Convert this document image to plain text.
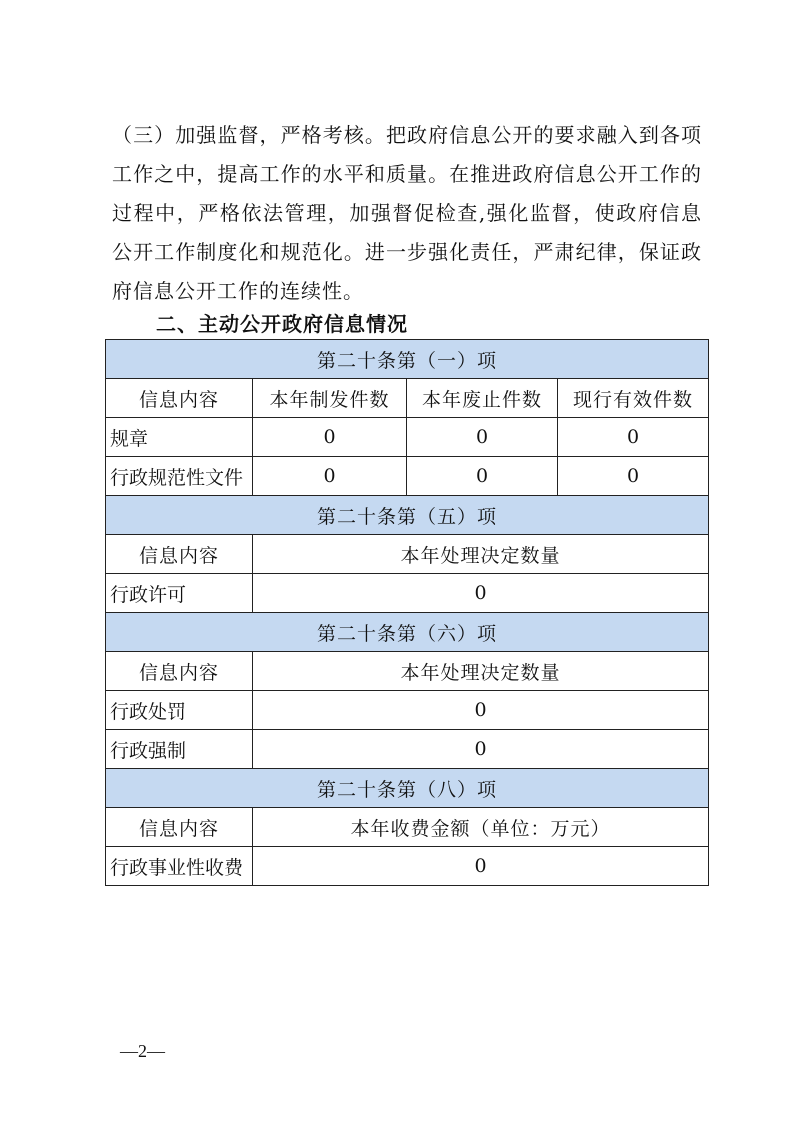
（三）加强监督，严格考核。把政府信息公开的要求融入到各项工作之中，提高工作的水平和质量。在推进政府信息公开工作的过程中，严格依法管理，加强督促检查,强化监督，使政府信息公开工作制度化和规范化。进一步强化责任，严肃纪律，保证政府信息公开工作的连续性。

二、主动公开政府信息情况

第二十条第（一）项			
信息内容	本年制发件数	本年废止件数	现行有效件数
规章	0	0	0
行政规范性文件	0	0	0
第二十条第（五）项			
信息内容	本年处理决定数量		
行政许可	0		
第二十条第（六）项			
信息内容	本年处理决定数量		
行政处罚	0		
行政强制	0		
第二十条第（八）项			
信息内容	本年收费金额（单位：万元）		
行政事业性收费	0		

—2—
